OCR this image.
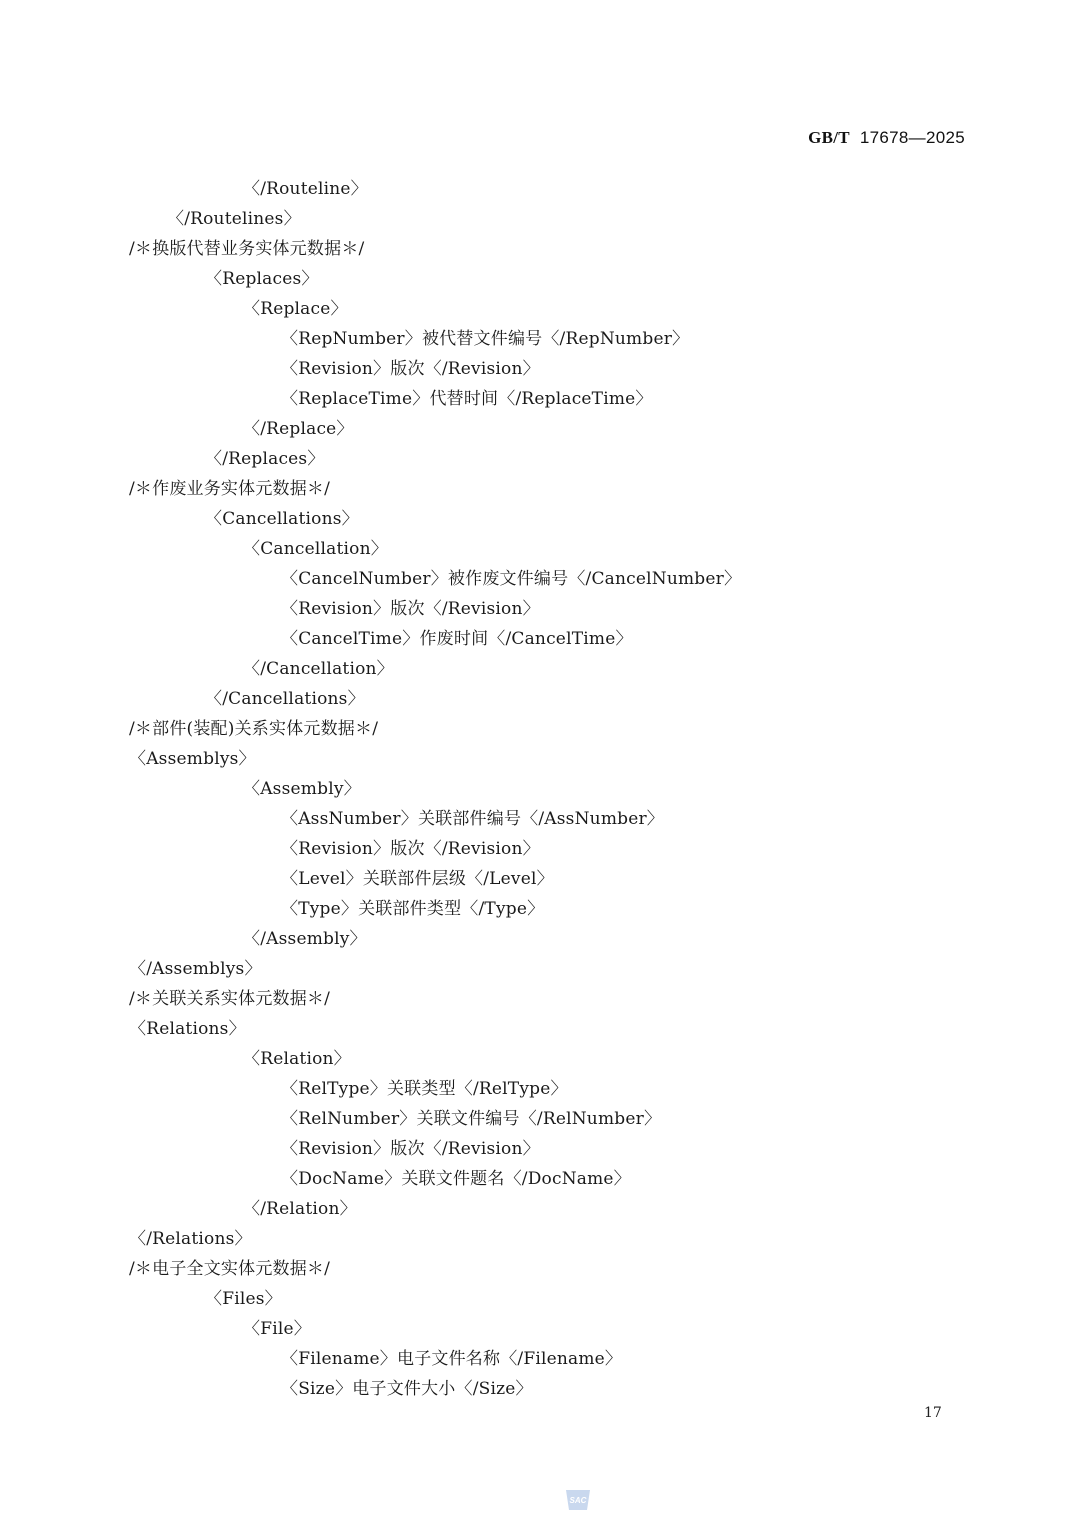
GB/T 17678—2025
〈/Routeline〉
〈/Routelines〉
/＊换版代替业务实体元数据＊/
〈Replaces〉
〈Replace〉
〈RepNumber〉被代替文件编号〈/RepNumber〉
〈Revision〉版次〈/Revision〉
〈ReplaceTime〉代替时间〈/ReplaceTime〉
〈/Replace〉
〈/Replaces〉
/＊作废业务实体元数据＊/
〈Cancellations〉
〈Cancellation〉
〈CancelNumber〉被作废文件编号〈/CancelNumber〉
〈Revision〉版次〈/Revision〉
〈CancelTime〉作废时间〈/CancelTime〉
〈/Cancellation〉
〈/Cancellations〉
/＊部件(装配)关系实体元数据＊/
〈Assemblys〉
〈Assembly〉
〈AssNumber〉关联部件编号〈/AssNumber〉
〈Revision〉版次〈/Revision〉
〈Level〉关联部件层级〈/Level〉
〈Type〉关联部件类型〈/Type〉
〈/Assembly〉
〈/Assemblys〉
/＊关联关系实体元数据＊/
〈Relations〉
〈Relation〉
〈RelType〉关联类型〈/RelType〉
〈RelNumber〉关联文件编号〈/RelNumber〉
〈Revision〉版次〈/Revision〉
〈DocName〉关联文件题名〈/DocName〉
〈/Relation〉
〈/Relations〉
/＊电子全文实体元数据＊/
〈Files〉
〈File〉
〈Filename〉电子文件名称〈/Filename〉
〈Size〉电子文件大小〈/Size〉
17
SAC
